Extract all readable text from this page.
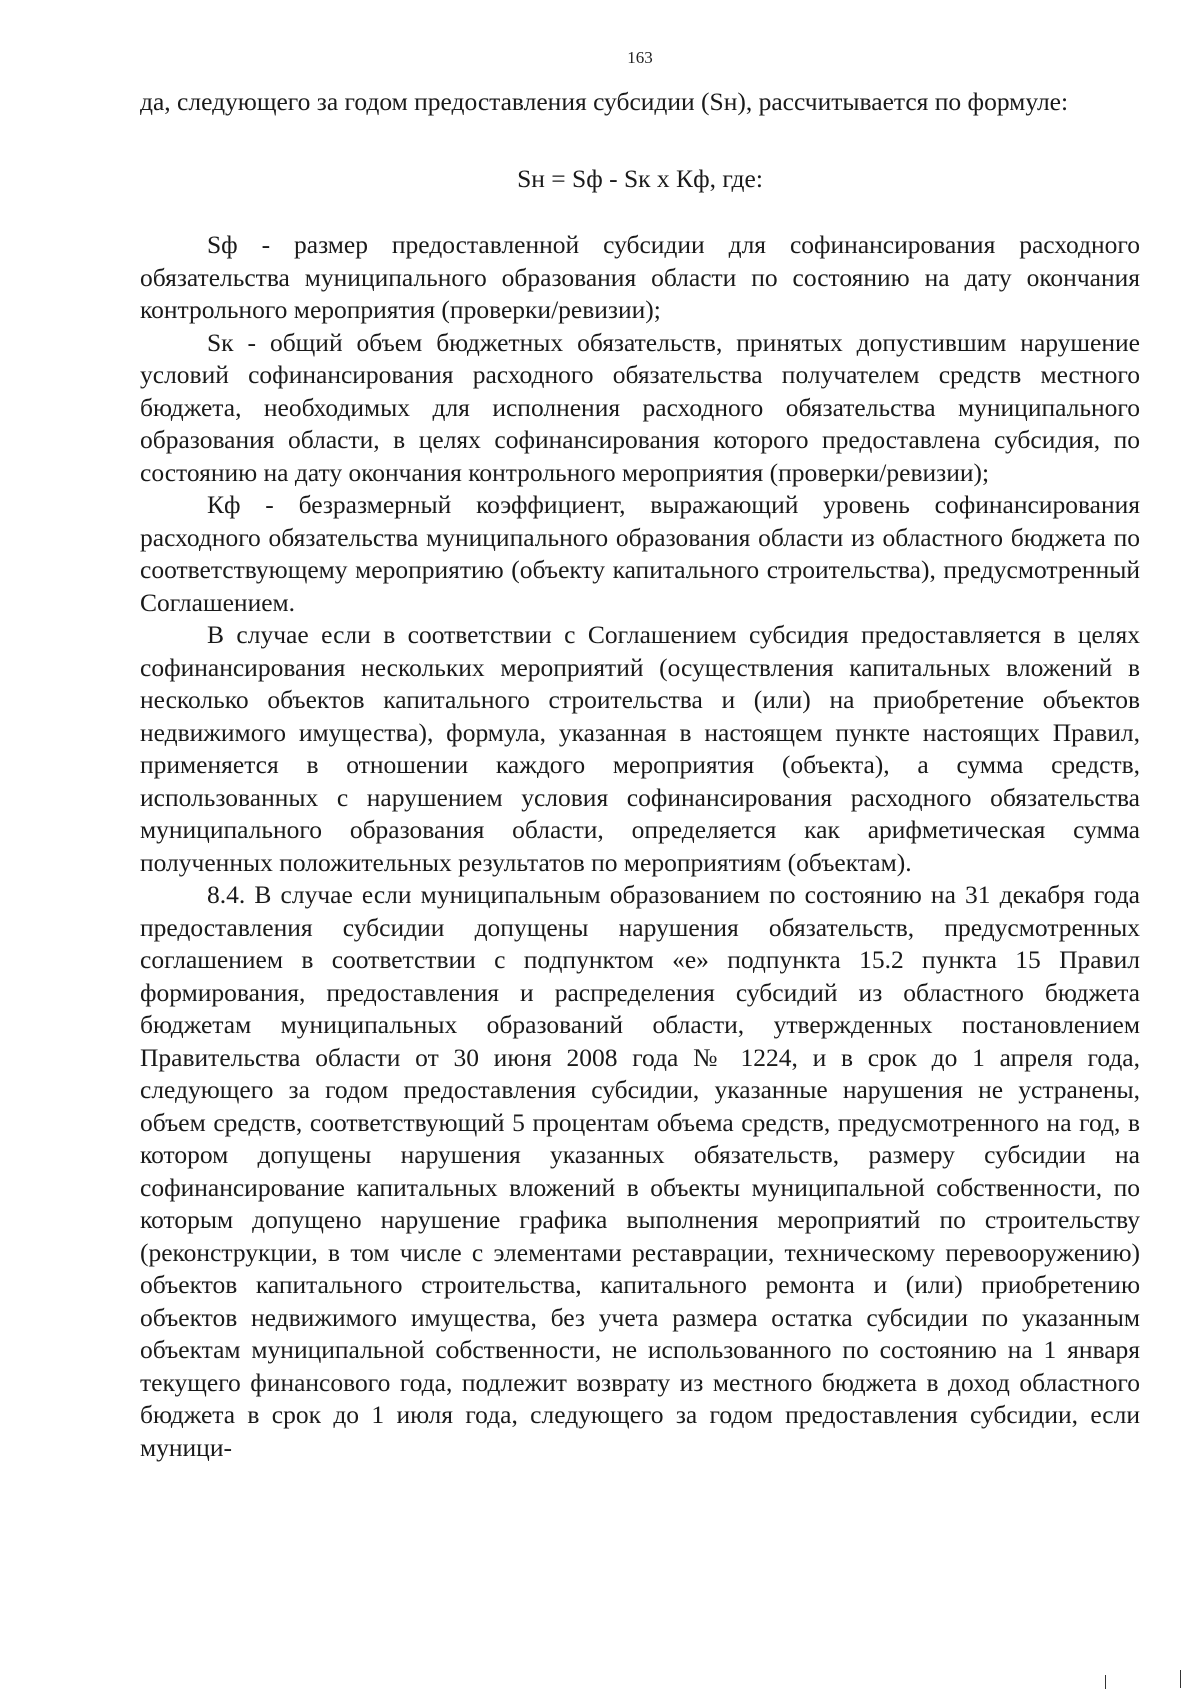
163

да, следующего за годом предоставления субсидии (Sн), рассчитывается по формуле:

Sн = Sф - Sк х Кф, где:

Sф - размер предоставленной субсидии для софинансирования расходного обязательства муниципального образования области по состоянию на дату окончания контрольного мероприятия (проверки/ревизии);

Sк - общий объем бюджетных обязательств, принятых допустившим нарушение условий софинансирования расходного обязательства получателем средств местного бюджета, необходимых для исполнения расходного обязательства муниципального образования области, в целях софинансирования которого предоставлена субсидия, по состоянию на дату окончания контрольного мероприятия (проверки/ревизии);

Кф - безразмерный коэффициент, выражающий уровень софинансирования расходного обязательства муниципального образования области из областного бюджета по соответствующему мероприятию (объекту капитального строительства), предусмотренный Соглашением.

В случае если в соответствии с Соглашением субсидия предоставляется в целях софинансирования нескольких мероприятий (осуществления капитальных вложений в несколько объектов капитального строительства и (или) на приобретение объектов недвижимого имущества), формула, указанная в настоящем пункте настоящих Правил, применяется в отношении каждого мероприятия (объекта), а сумма средств, использованных с нарушением условия софинансирования расходного обязательства муниципального образования области, определяется как арифметическая сумма полученных положительных результатов по мероприятиям (объектам).

8.4. В случае если муниципальным образованием по состоянию на 31 декабря года предоставления субсидии допущены нарушения обязательств, предусмотренных соглашением в соответствии с подпунктом «е» подпункта 15.2 пункта 15 Правил формирования, предоставления и распределения субсидий из областного бюджета бюджетам муниципальных образований области, утвержденных постановлением Правительства области от 30 июня 2008 года № 1224, и в срок до 1 апреля года, следующего за годом предоставления субсидии, указанные нарушения не устранены, объем средств, соответствующий 5 процентам объема средств, предусмотренного на год, в котором допущены нарушения указанных обязательств, размеру субсидии на софинансирование капитальных вложений в объекты муниципальной собственности, по которым допущено нарушение графика выполнения мероприятий по строительству (реконструкции, в том числе с элементами реставрации, техническому перевооружению) объектов капитального строительства, капитального ремонта и (или) приобретению объектов недвижимого имущества, без учета размера остатка субсидии по указанным объектам муниципальной собственности, не использованного по состоянию на 1 января текущего финансового года, подлежит возврату из местного бюджета в доход областного бюджета в срок до 1 июля года, следующего за годом предоставления субсидии, если муници-
